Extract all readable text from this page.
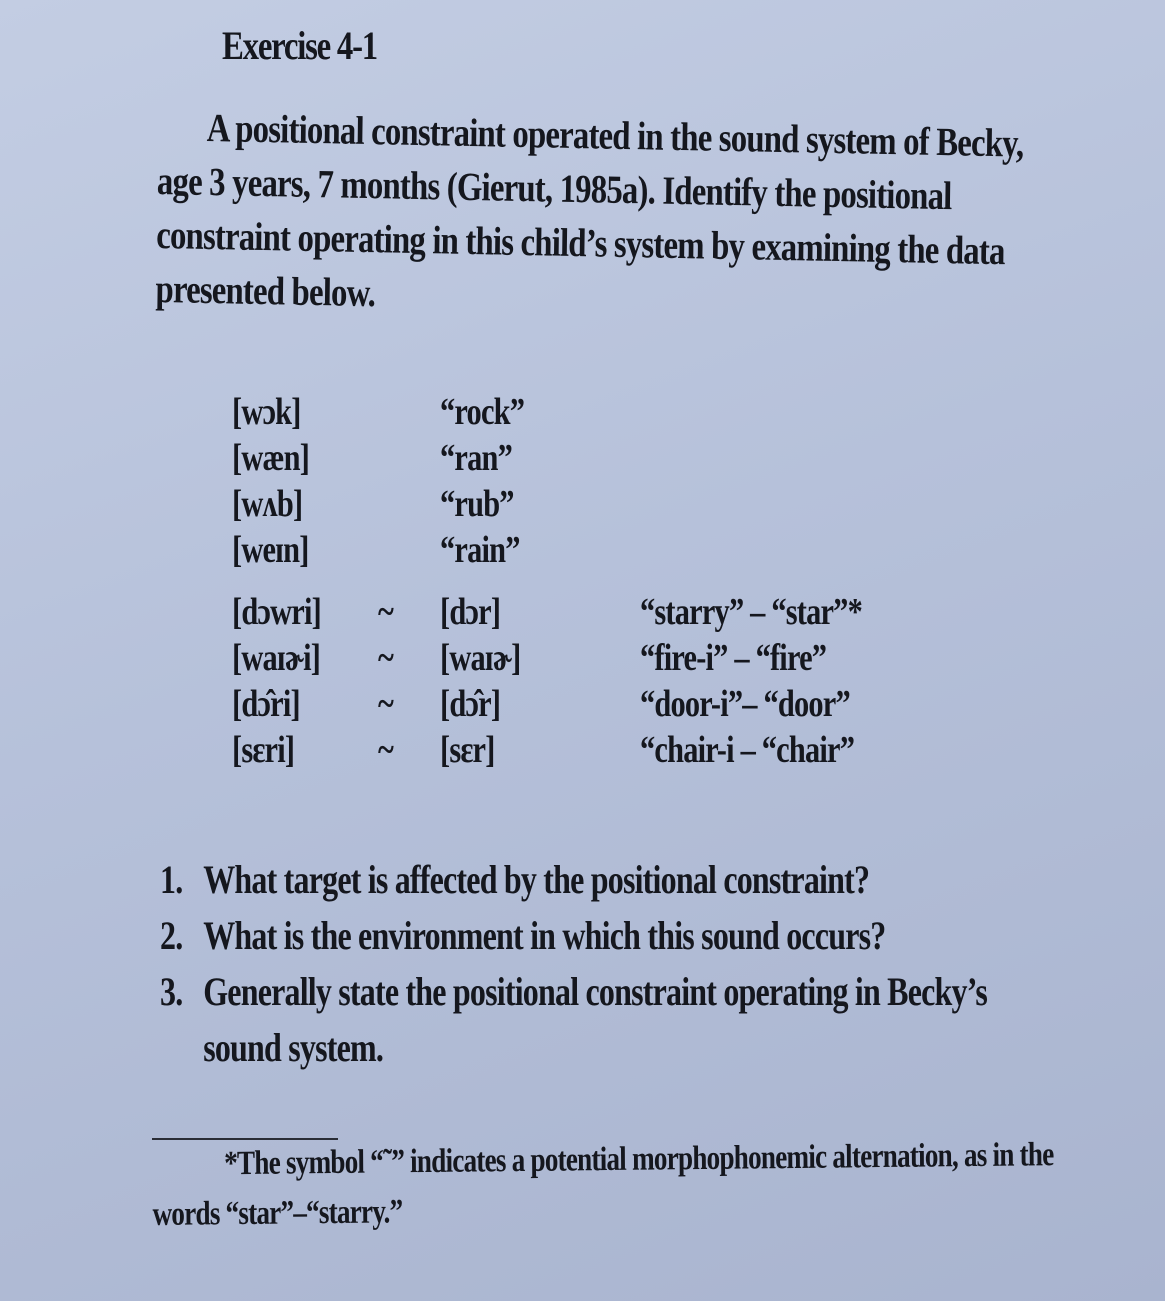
Exercise 4-1
A positional constraint operated in the sound system of Becky, age 3 years, 7 months (Gierut, 1985a). Identify the positional constraint operating in this child’s system by examining the data presented below.
[wɔk]	“rock”
[wæn]	“ran”
[wʌb]	“rub”
[weɪn]	“rain”
[dɔwri] ~ [dɔr]	“starry” – “star”*
[waɪɚi] ~ [waɪɚ]	“fire-i” – “fire”
[dɔ̂ri] ~ [dɔ̂r]	“door-i”– “door”
[sɛri] ~ [sɛr]	“chair-i – “chair”
1. What target is affected by the positional constraint?
2. What is the environment in which this sound occurs?
3. Generally state the positional constraint operating in Becky’s sound system.
*The symbol “˜” indicates a potential morphophonemic alternation, as in the words “star”–“starry.”
